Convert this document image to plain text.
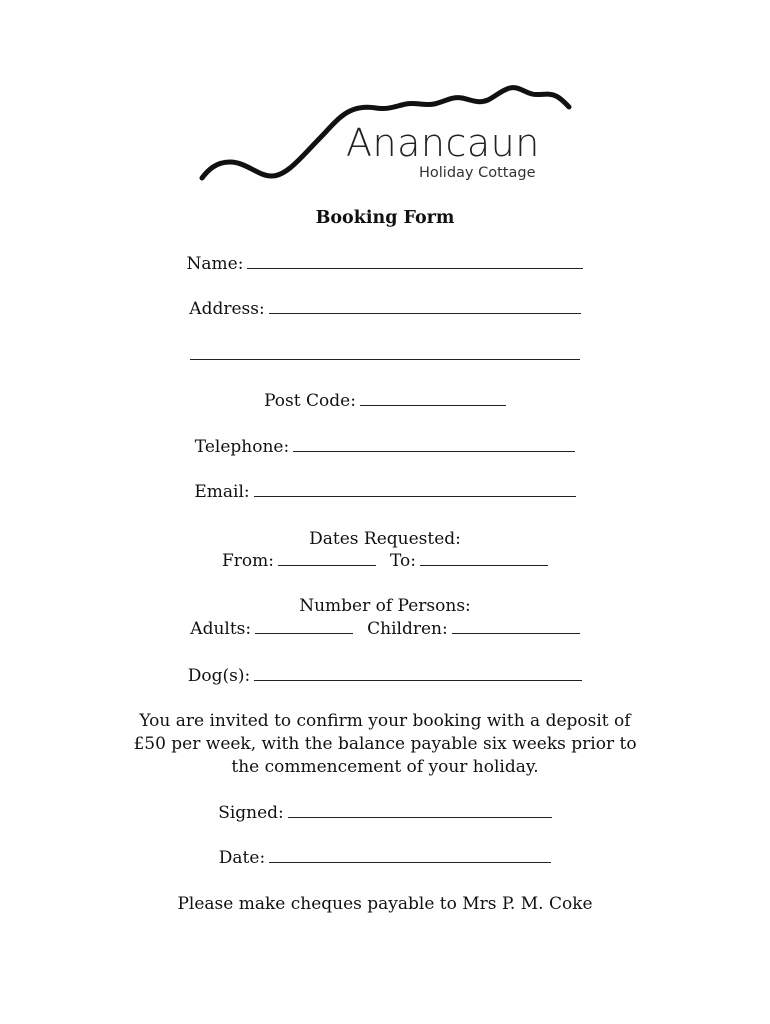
Anancaun
Holiday Cottage
Booking Form
Name:
Address:
Post Code:
Telephone:
Email:
Dates Requested:
From:	To:
Number of Persons:
Adults:	Children:
Dog(s):
You are invited to confirm your booking with a deposit of
£50 per week, with the balance payable six weeks prior to
the commencement of your holiday.
Signed:
Date:
Please make cheques payable to Mrs P. M. Coke
